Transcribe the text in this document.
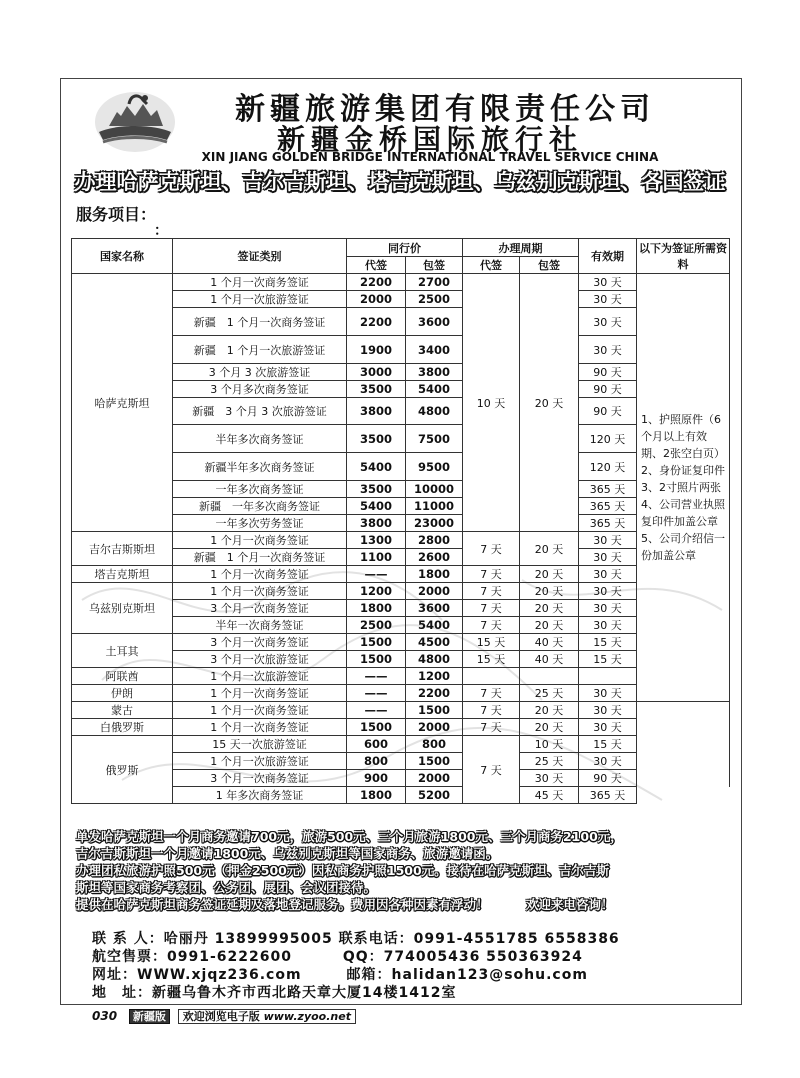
新疆旅游集团有限责任公司
新疆金桥国际旅行社
XIN JIANG GOLDEN BRIDGE INTERNATIONAL TRAVEL SERVICE CHINA
办理哈萨克斯坦、吉尔吉斯坦、塔吉克斯坦、乌兹别克斯坦、各国签证
服务项目：
：
国家名称	签证类别	同行价		办理周期		有效期	以下为签证所需资料	
		代签	包签	代签	包签			
哈萨克斯坦	1 个月一次商务签证	2200	2700	10 天	20 天	30 天	1、护照原件（6个月以上有效期、2张空白页）2、身份证复印件 3、2寸照片两张 4、公司营业执照复印件加盖公章 5、公司介绍信一份加盖公章	
	1 个月一次旅游签证	2000	2500			30 天		
	新疆　1 个月一次商务签证	2200	3600			30 天		
	新疆　1 个月一次旅游签证	1900	3400			30 天		
	3 个月 3 次旅游签证	3000	3800			90 天		
	3 个月多次商务签证	3500	5400			90 天		
	新疆　3 个月 3 次旅游签证	3800	4800			90 天		
	半年多次商务签证	3500	7500			120 天		
	新疆半年多次商务签证	5400	9500			120 天		
	一年多次商务签证	3500	10000			365 天		
	新疆　一年多次商务签证	5400	11000			365 天		
	一年多次劳务签证	3800	23000			365 天		
吉尔吉斯斯坦	1 个月一次商务签证	1300	2800	7 天	20 天	30 天		
	新疆　1 个月一次商务签证	1100	2600			30 天		
塔吉克斯坦	1 个月一次商务签证	——	1800	7 天	20 天	30 天		
乌兹别克斯坦	1 个月一次商务签证	1200	2000	7 天	20 天	30 天		
	3 个月一次商务签证	1800	3600	7 天	20 天	30 天		
	半年一次商务签证	2500	5400	7 天	20 天	30 天		
土耳其	3 个月一次商务签证	1500	4500	15 天	40 天	15 天		
	3 个月一次旅游签证	1500	4800	15 天	40 天	15 天		
阿联酋	1 个月一次旅游签证	——	1200					
伊朗	1 个月一次商务签证	——	2200	7 天	25 天	30 天		
蒙古	1 个月一次商务签证	——	1500	7 天	20 天	30 天		
白俄罗斯	1 个月一次商务签证	1500	2000	7 天	20 天	30 天		
俄罗斯	15 天一次旅游签证	600	800	7 天	10 天	15 天		
	1 个月一次旅游签证	800	1500		25 天	30 天		
	3 个月一次商务签证	900	2000		30 天	90 天		
	1 年多次商务签证	1800	5200		45 天	365 天		

单发哈萨克斯坦一个月商务邀请700元，旅游500元、三个月旅游1800元、三个月商务2100元，

吉尔吉斯斯坦一个月邀请1800元、乌兹别克斯坦等国家商务、旅游邀请函。

办理团私旅游护照500元（押金2500元）因私商务护照1500元。接待在哈萨克斯坦、吉尔吉斯

斯坦等国家商务考察团、公务团、展团、会议团接待。

提供在哈萨克斯坦商务签证延期及落地登记服务。费用因各种因素有浮动！　　　欢迎来电咨询！

联 系 人：哈丽丹 13899995005 联系电话：0991-4551785 6558386
航空售票：0991-6222600　　　 QQ：774005436 550363924
网址：WWW.xjqz236.com　　　邮箱：halidan123@sohu.com
地　址：新疆乌鲁木齐市西北路天章大厦14楼1412室
030 新疆版 欢迎浏览电子版 www.zyoo.net
